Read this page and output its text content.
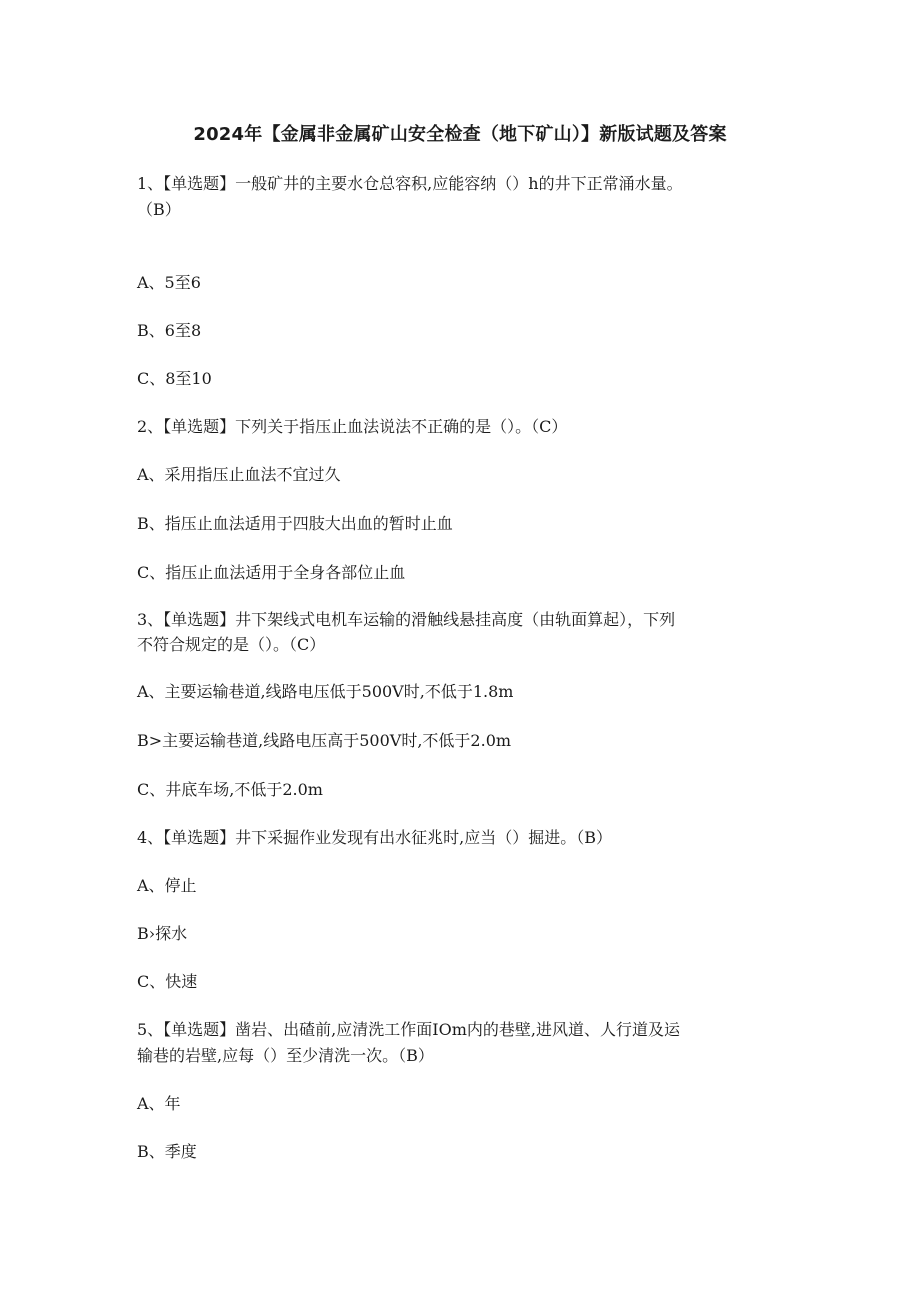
2024年【金属非金属矿山安全检查（地下矿山）】新版试题及答案
1、【单选题】一般矿井的主要水仓总容积,应能容纳（）h的井下正常涌水量。
（B）
A、5至6
B、6至8
C、8至10
2、【单选题】下列关于指压止血法说法不正确的是（）。（C）
A、采用指压止血法不宜过久
B、指压止血法适用于四肢大出血的暂时止血
C、指压止血法适用于全身各部位止血
3、【单选题】井下架线式电机车运输的滑触线悬挂高度（由轨面算起），下列
不符合规定的是（）。（C）
A、主要运输巷道,线路电压低于500V时,不低于1.8m
B>主要运输巷道,线路电压高于500V时,不低于2.0m
C、井底车场,不低于2.0m
4、【单选题】井下采掘作业发现有出水征兆时,应当（）掘进。（B）
A、停止
B›探水
C、快速
5、【单选题】凿岩、出碴前,应清洗工作面IOm内的巷壁,进风道、人行道及运
输巷的岩壁,应每（）至少清洗一次。（B）
A、年
B、季度
